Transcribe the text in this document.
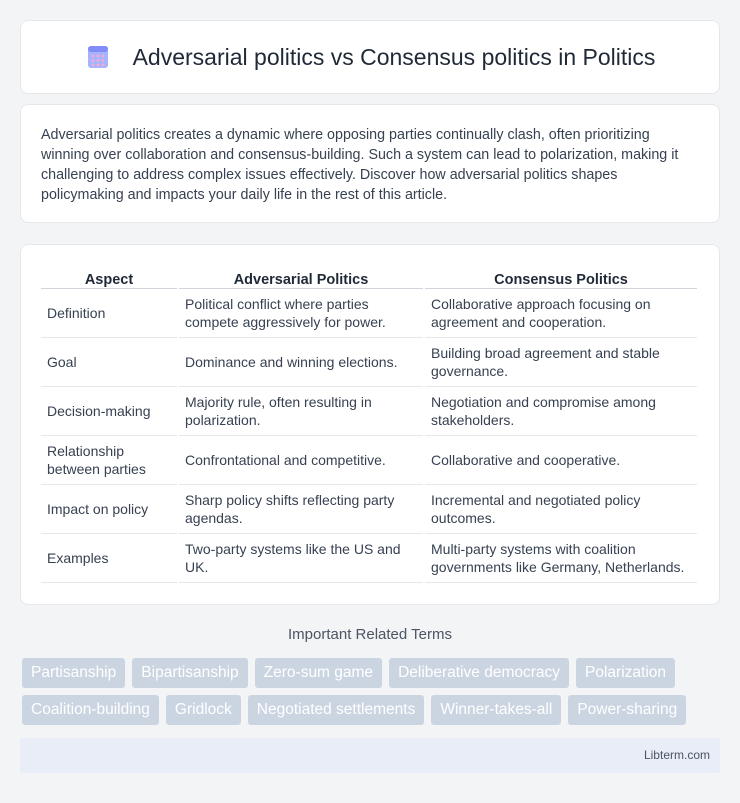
Adversarial politics vs Consensus politics in Politics

Adversarial politics creates a dynamic where opposing parties continually clash, often prioritizing winning over collaboration and consensus-building. Such a system can lead to polarization, making it challenging to address complex issues effectively. Discover how adversarial politics shapes policymaking and impacts your daily life in the rest of this article.

Aspect	Adversarial Politics	Consensus Politics
Definition	Political conflict where parties compete aggressively for power.	Collaborative approach focusing on agreement and cooperation.
Goal	Dominance and winning elections.	Building broad agreement and stable governance.
Decision-making	Majority rule, often resulting in polarization.	Negotiation and compromise among stakeholders.
Relationship between parties	Confrontational and competitive.	Collaborative and cooperative.
Impact on policy	Sharp policy shifts reflecting party agendas.	Incremental and negotiated policy outcomes.
Examples	Two-party systems like the US and UK.	Multi-party systems with coalition governments like Germany, Netherlands.
Important Related Terms
Partisanship	Bipartisanship	Zero-sum game	Deliberative democracy	Polarization
Coalition-building	Gridlock	Negotiated settlements	Winner-takes-all	Power-sharing
Libterm.com
